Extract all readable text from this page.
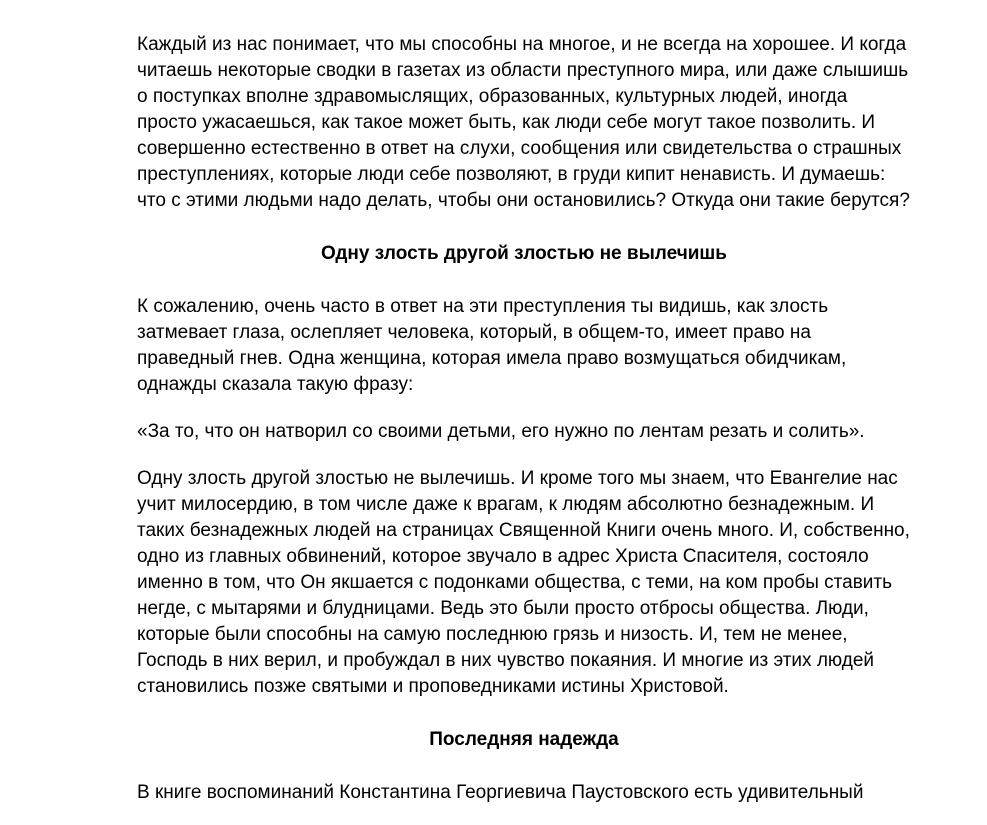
Каждый из нас понимает, что мы способны на многое, и не всегда на хорошее. И когда читаешь некоторые сводки в газетах из области преступного мира, или даже слышишь о поступках вполне здравомыслящих, образованных, культурных людей, иногда просто ужасаешься, как такое может быть, как люди себе могут такое позволить. И совершенно естественно в ответ на слухи, сообщения или свидетельства о страшных преступлениях, которые люди себе позволяют, в груди кипит ненависть. И думаешь: что с этими людьми надо делать, чтобы они остановились? Откуда они такие берутся?

Одну злость другой злостью не вылечишь

К сожалению, очень часто в ответ на эти преступления ты видишь, как злость затмевает глаза, ослепляет человека, который, в общем-то, имеет право на праведный гнев. Одна женщина, которая имела право возмущаться обидчикам, однажды сказала такую фразу:

«За то, что он натворил со своими детьми, его нужно по лентам резать и солить».

Одну злость другой злостью не вылечишь. И кроме того мы знаем, что Евангелие нас учит милосердию, в том числе даже к врагам, к людям абсолютно безнадежным. И таких безнадежных людей на страницах Священной Книги очень много. И, собственно, одно из главных обвинений, которое звучало в адрес Христа Спасителя, состояло именно в том, что Он якшается с подонками общества, с теми, на ком пробы ставить негде, с мытарями и блудницами. Ведь это были просто отбросы общества. Люди, которые были способны на самую последнюю грязь и низость. И, тем не менее, Господь в них верил, и пробуждал в них чувство покаяния. И многие из этих людей становились позже святыми и проповедниками истины Христовой.

Последняя надежда

В книге воспоминаний Константина Георгиевича Паустовского есть удивительный
